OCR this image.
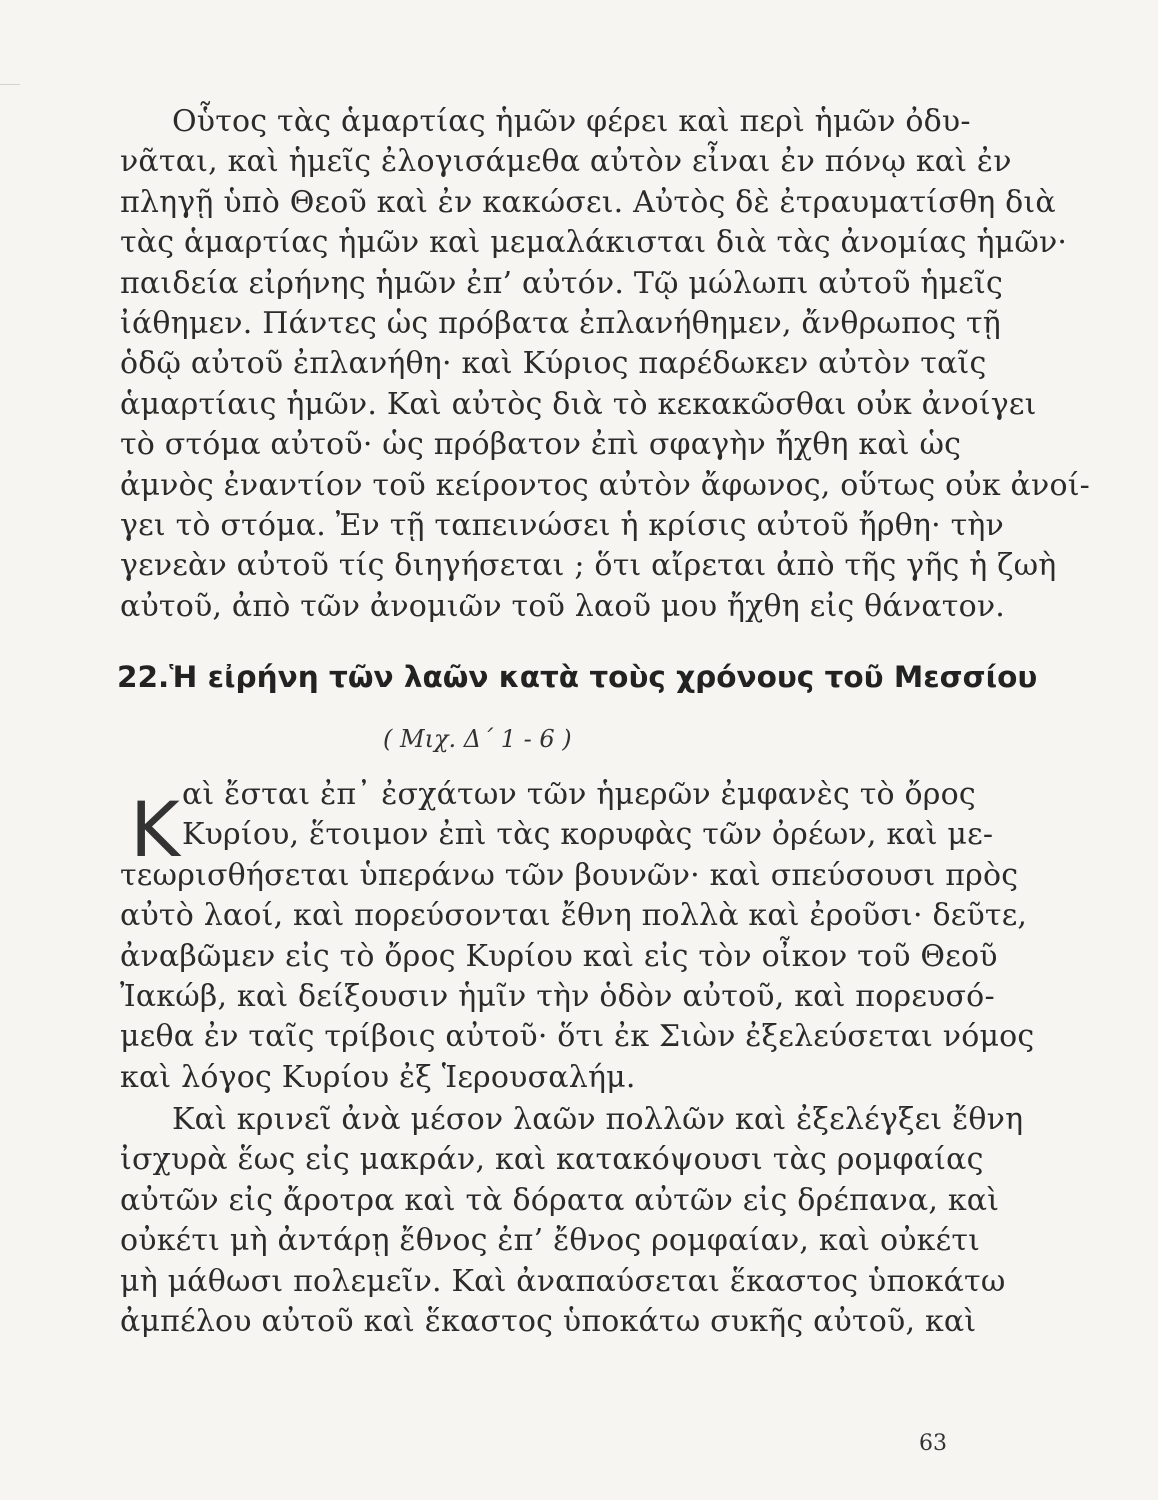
Οὗτος τὰς ἁμαρτίας ἡμῶν φέρει καὶ περὶ ἡμῶν ὀδυ-
νᾶται, καὶ ἡμεῖς ἐλογισάμεθα αὐτὸν εἶναι ἐν πόνῳ καὶ ἐν
πληγῇ ὑπὸ Θεοῦ καὶ ἐν κακώσει. Αὐτὸς δὲ ἐτραυματίσθη διὰ
τὰς ἁμαρτίας ἡμῶν καὶ μεμαλάκισται διὰ τὰς ἀνομίας ἡμῶν·
παιδεία εἰρήνης ἡμῶν ἐπ’ αὐτόν. Τῷ μώλωπι αὐτοῦ ἡμεῖς
ἰάθημεν. Πάντες ὡς πρόβατα ἐπλανήθημεν, ἄνθρωπος τῇ
ὁδῷ αὐτοῦ ἐπλανήθη· καὶ Κύριος παρέδωκεν αὐτὸν ταῖς
ἁμαρτίαις ἡμῶν. Καὶ αὐτὸς διὰ τὸ κεκακῶσθαι οὐκ ἀνοίγει
τὸ στόμα αὐτοῦ· ὡς πρόβατον ἐπὶ σφαγὴν ἤχθη καὶ ὡς
ἀμνὸς ἐναντίον τοῦ κείροντος αὐτὸν ἄφωνος, οὕτως οὐκ ἀνοί-
γει τὸ στόμα. Ἐν τῇ ταπεινώσει ἡ κρίσις αὐτοῦ ἤρθη· τὴν
γενεὰν αὐτοῦ τίς διηγήσεται ; ὅτι αἴρεται ἀπὸ τῆς γῆς ἡ ζωὴ
αὐτοῦ, ἀπὸ τῶν ἀνομιῶν τοῦ λαοῦ μου ἤχθη εἰς θάνατον.
22.Ἡ εἰρήνη τῶν λαῶν κατὰ τοὺς χρόνους τοῦ Μεσσίου
( Μιχ. Δ΄ 1 - 6 )
Κ αὶ ἔσται ἐπ᾽ ἐσχάτων τῶν ἡμερῶν ἐμφανὲς τὸ ὄρος
Κυρίου, ἕτοιμον ἐπὶ τὰς κορυφὰς τῶν ὀρέων, καὶ με-
τεωρισθήσεται ὑπεράνω τῶν βουνῶν· καὶ σπεύσουσι πρὸς
αὐτὸ λαοί, καὶ πορεύσονται ἔθνη πολλὰ καὶ ἐροῦσι· δεῦτε,
ἀναβῶμεν εἰς τὸ ὄρος Κυρίου καὶ εἰς τὸν οἶκον τοῦ Θεοῦ
Ἰακώβ, καὶ δείξουσιν ἡμῖν τὴν ὁδὸν αὐτοῦ, καὶ πορευσό-
μεθα ἐν ταῖς τρίβοις αὐτοῦ· ὅτι ἐκ Σιὼν ἐξελεύσεται νόμος
καὶ λόγος Κυρίου ἐξ Ἱερουσαλήμ.
Καὶ κρινεῖ ἀνὰ μέσον λαῶν πολλῶν καὶ ἐξελέγξει ἔθνη
ἰσχυρὰ ἕως εἰς μακράν, καὶ κατακόψουσι τὰς ρομφαίας
αὐτῶν εἰς ἄροτρα καὶ τὰ δόρατα αὐτῶν εἰς δρέπανα, καὶ
οὐκέτι μὴ ἀντάρῃ ἔθνος ἐπ’ ἔθνος ρομφαίαν, καὶ οὐκέτι
μὴ μάθωσι πολεμεῖν. Καὶ ἀναπαύσεται ἕκαστος ὑποκάτω
ἀμπέλου αὐτοῦ καὶ ἕκαστος ὑποκάτω συκῆς αὐτοῦ, καὶ
63
